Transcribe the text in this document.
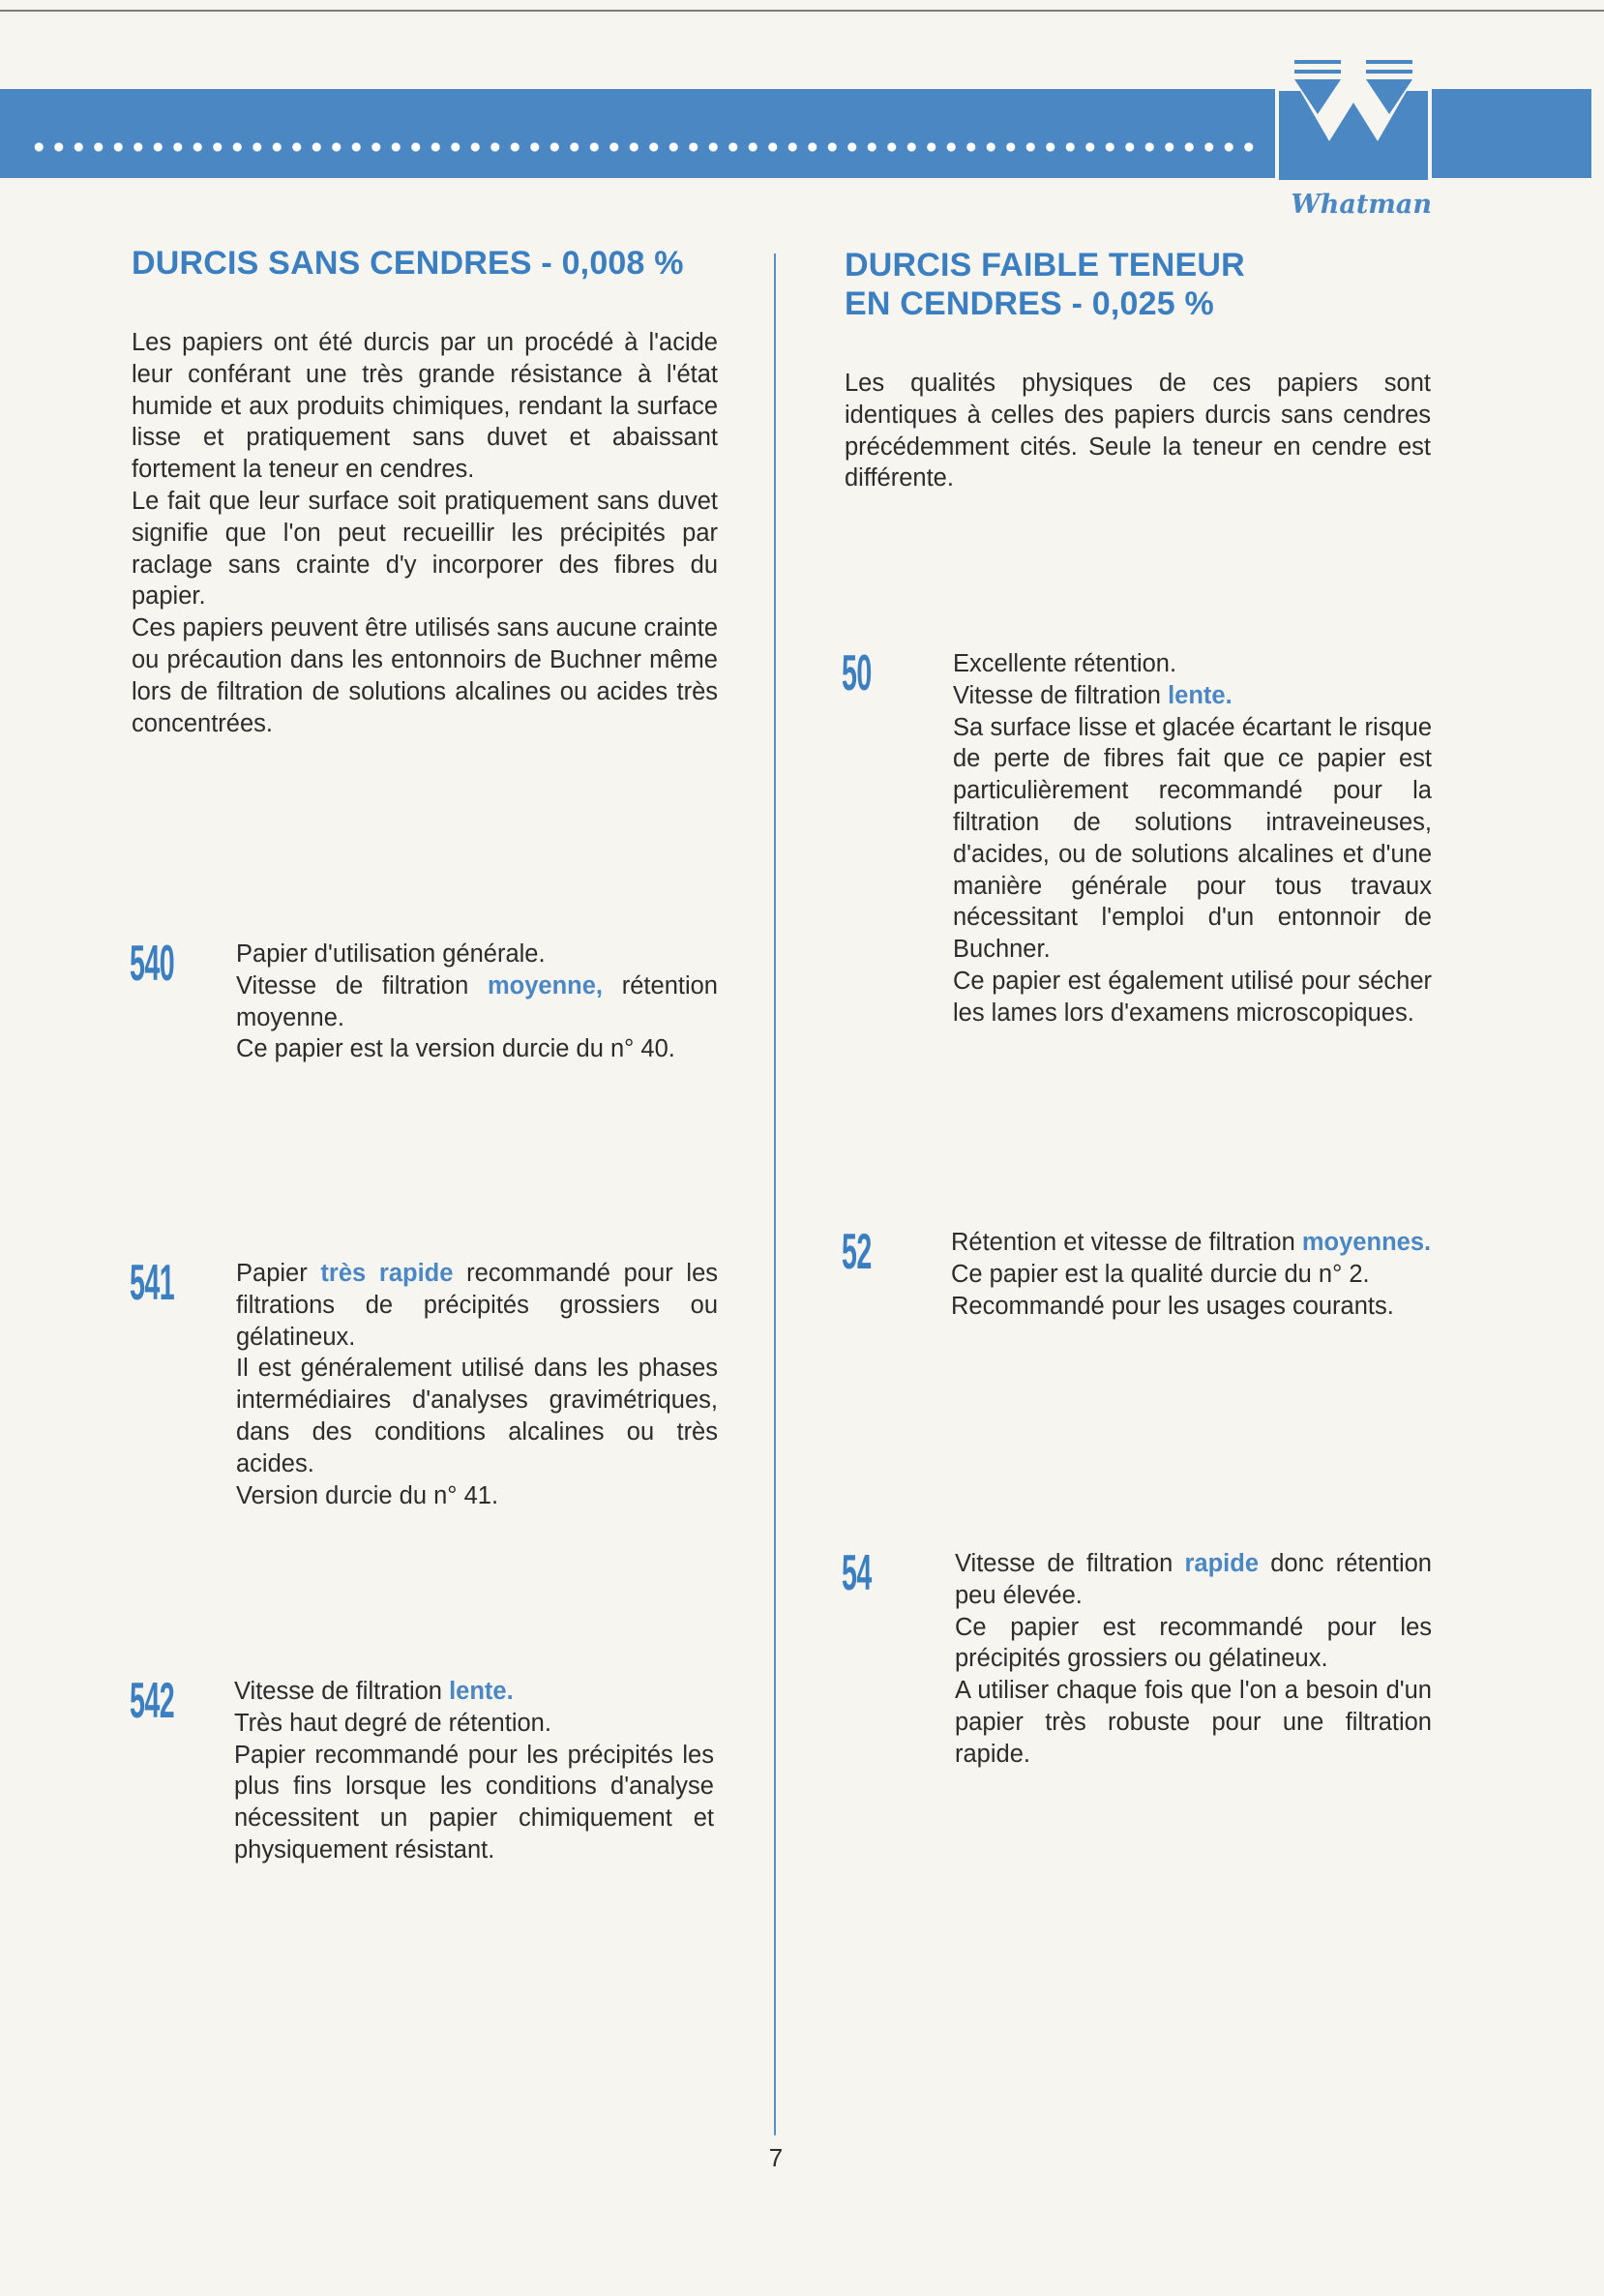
Whatman
DURCIS SANS CENDRES - 0,008 %

Les papiers ont été durcis par un procédé à l'acide leur conférant une très grande résistance à l'état humide et aux produits chimiques, rendant la surface lisse et pratiquement sans duvet et abaissant fortement la teneur en cendres.
Le fait que leur surface soit pratiquement sans duvet signifie que l'on peut recueillir les précipités par raclage sans crainte d'y incorporer des fibres du papier.
Ces papiers peuvent être utilisés sans aucune crainte ou précaution dans les entonnoirs de Buchner même lors de filtration de solutions alcalines ou acides très concentrées.

540	Papier d'utilisation générale.
Vitesse de filtration moyenne, rétention moyenne.
Ce papier est la version durcie du n° 40.

541	Papier très rapide recommandé pour les filtrations de précipités grossiers ou gélatineux.
Il est généralement utilisé dans les phases intermédiaires d'analyses gravimétriques, dans des conditions alcalines ou très acides.
Version durcie du n° 41.

542 Vitesse de filtration lente.
Très haut degré de rétention.
Papier recommandé pour les précipités les plus fins lorsque les conditions d'analyse nécessitent un papier chimiquement et physiquement résistant.

DURCIS FAIBLE TENEUR
EN CENDRES - 0,025 %

Les qualités physiques de ces papiers sont identiques à celles des papiers durcis sans cendres précédemment cités. Seule la teneur en cendre est différente.

50	Excellente rétention.
Vitesse de filtration lente.
Sa surface lisse et glacée écartant le risque de perte de fibres fait que ce papier est particulièrement recommandé pour la filtration de solutions intraveineuses, d'acides, ou de solutions alcalines et d'une manière générale pour tous travaux nécessitant l'emploi d'un entonnoir de Buchner.
Ce papier est également utilisé pour sécher les lames lors d'examens microscopiques.

52	Rétention et vitesse de filtration moyennes.
Ce papier est la qualité durcie du n° 2.
Recommandé pour les usages courants.

54	Vitesse de filtration rapide donc rétention peu élevée.
Ce papier est recommandé pour les précipités grossiers ou gélatineux.
A utiliser chaque fois que l'on a besoin d'un papier très robuste pour une filtration rapide.

7
